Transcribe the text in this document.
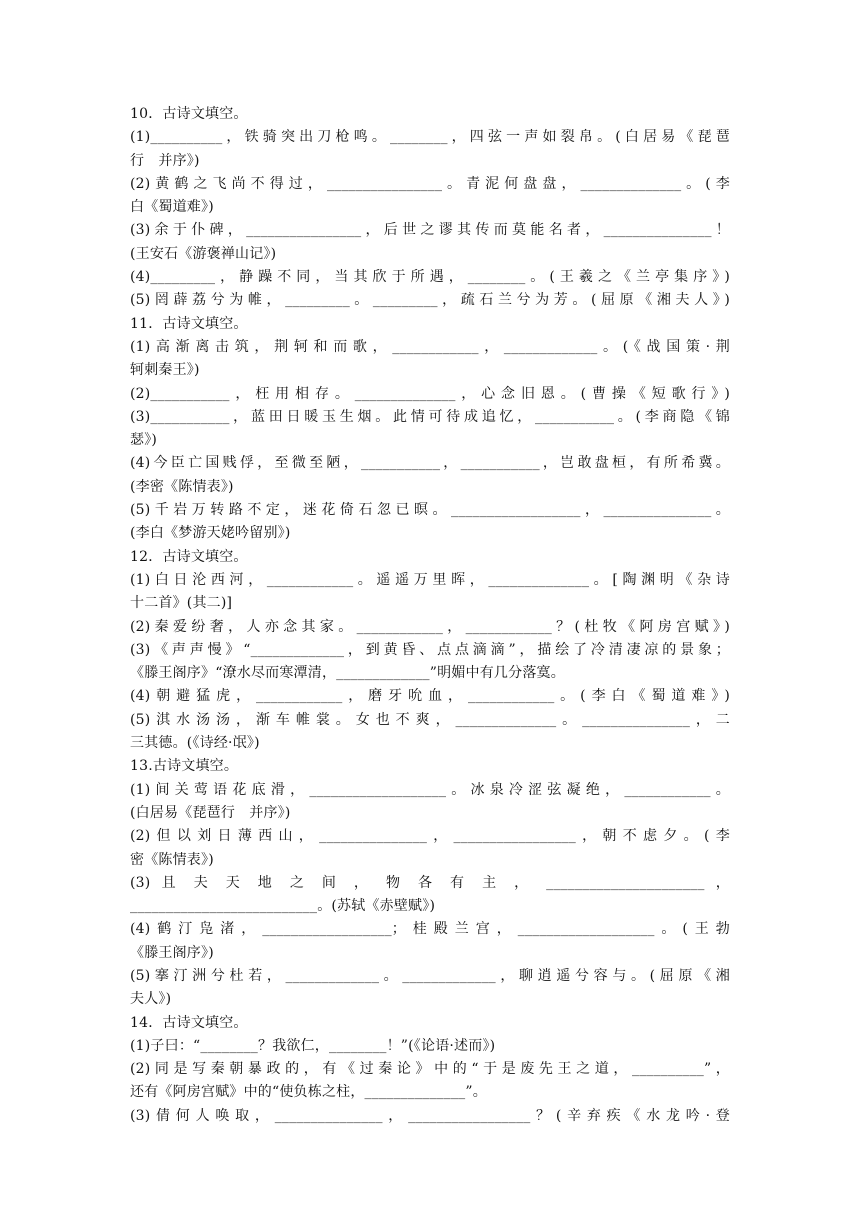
10．古诗文填空。
(1)__________，铁骑突出刀枪鸣。________，四弦一声如裂帛。(白居易《琵琶
行　并序》)
(2)黄鹤之飞尚不得过，________________。青泥何盘盘，______________。(李
白《蜀道难》)
(3)余于仆碑，________________，后世之谬其传而莫能名者，_______________！
(王安石《游褒禅山记》)
(4)_________，静躁不同，当其欣于所遇，________。(王羲之《兰亭集序》)
(5)罔薜荔兮为帷，_________。_________，疏石兰兮为芳。(屈原《湘夫人》)
11．古诗文填空。
(1)高渐离击筑，荆轲和而歌，____________，_____________。(《战国策·荆
轲刺秦王》)
(2)___________，枉用相存。______________，心念旧恩。(曹操《短歌行》)
(3)___________，蓝田日暖玉生烟。此情可待成追忆，___________。(李商隐《锦
瑟》)
(4)今臣亡国贱俘，至微至陋，___________，___________，岂敢盘桓，有所希冀。
(李密《陈情表》)
(5)千岩万转路不定，迷花倚石忽已暝。__________________，_______________。
(李白《梦游天姥吟留别》)
12．古诗文填空。
(1)白日沦西河，____________。遥遥万里晖，______________。[陶渊明《杂诗
十二首》(其二)]
(2)秦爱纷奢，人亦念其家。____________，____________？(杜牧《阿房宫赋》)
(3)《声声慢》“_____________，到黄昏、点点滴滴”，描绘了冷清凄凉的景象；
《滕王阁序》“潦水尽而寒潭清，_____________”明媚中有几分落寞。
(4)朝避猛虎，____________，磨牙吮血，____________。(李白《蜀道难》)
(5)淇水汤汤，渐车帷裳。女也不爽，______________。_______________，二
三其德。(《诗经·氓》)
13.古诗文填空。
(1)间关莺语花底滑，___________________。冰泉冷涩弦凝绝，____________。
(白居易《琵琶行　并序》)
(2)但以刘日薄西山，_______________，_________________，朝不虑夕。(李
密《陈情表》)
(3) 且 夫 天 地 之 间 ， 物 各 有 主 ， ______________________ ，
__________________________。(苏轼《赤壁赋》)
(4)鹤汀凫渚，__________________；桂殿兰宫，___________________。(王勃
《滕王阁序》)
(5)搴汀洲兮杜若，_____________。_____________，聊逍遥兮容与。(屈原《湘
夫人》)
14．古诗文填空。
(1)子曰：“________？我欲仁，________！”(《论语·述而》)
(2)同是写秦朝暴政的，有《过秦论》中的“于是废先王之道，__________”，
还有《阿房宫赋》中的“使负栋之柱，______________”。
(3)倩何人唤取，_______________，_________________？(辛弃疾《水龙吟·登
